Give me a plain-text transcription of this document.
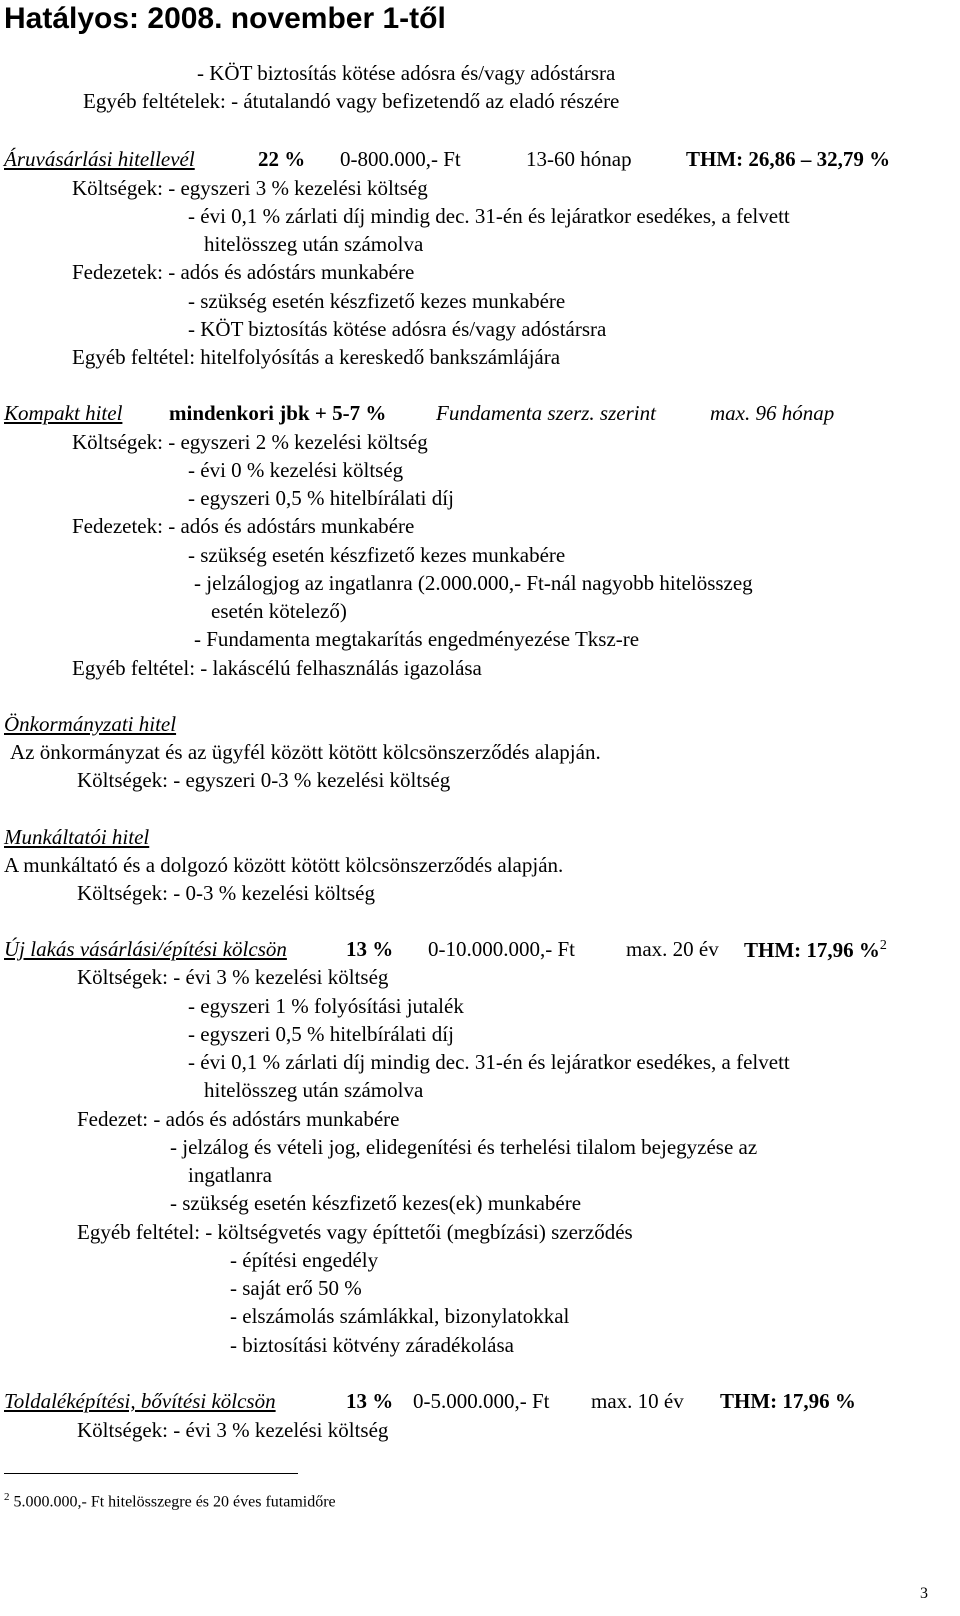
Hatályos: 2008. november 1-től
- KÖT biztosítás kötése adósra és/vagy adóstársra
Egyéb feltételek: - átutalandó vagy befizetendő az eladó részére
Áruvásárlási hitellevél	22 % 0-800.000,- Ft	13-60 hónap	THM: 26,86 – 32,79 %
Költségek: - egyszeri 3 % kezelési költség
- évi 0,1 % zárlati díj mindig dec. 31-én és lejáratkor esedékes, a felvett
hitelösszeg után számolva
Fedezetek: - adós és adóstárs munkabére
- szükség esetén készfizető kezes munkabére
- KÖT biztosítás kötése adósra és/vagy adóstársra
Egyéb feltétel: hitelfolyósítás a kereskedő bankszámlájára
Kompakt hitel mindenkori jbk + 5-7 % Fundamenta szerz. szerint	max. 96 hónap
Költségek: - egyszeri 2 % kezelési költség
- évi 0 % kezelési költség
- egyszeri 0,5 % hitelbírálati díj
Fedezetek: - adós és adóstárs munkabére
- szükség esetén készfizető kezes munkabére
- jelzálogjog az ingatlanra (2.000.000,- Ft-nál nagyobb hitelösszeg
esetén kötelező)
- Fundamenta megtakarítás engedményezése Tksz-re
Egyéb feltétel: - lakáscélú felhasználás igazolása
Önkormányzati hitel
Az önkormányzat és az ügyfél között kötött kölcsönszerződés alapján.
Költségek: - egyszeri 0-3 % kezelési költség
Munkáltatói hitel
A munkáltató és a dolgozó között kötött kölcsönszerződés alapján.
Költségek: - 0-3 % kezelési költség
Új lakás vásárlási/építési kölcsön	13 % 0-10.000.000,- Ft max. 20 év THM: 17,96 %$^2$
Költségek: - évi 3 % kezelési költség
- egyszeri 1 % folyósítási jutalék
- egyszeri 0,5 % hitelbírálati díj
- évi 0,1 % zárlati díj mindig dec. 31-én és lejáratkor esedékes, a felvett
hitelösszeg után számolva
Fedezet: - adós és adóstárs munkabére
- jelzálog és vételi jog, elidegenítési és terhelési tilalom bejegyzése az
ingatlanra
- szükség esetén készfizető kezes(ek) munkabére
Egyéb feltétel: - költségvetés vagy építtetői (megbízási) szerződés
- építési engedély
- saját erő 50 %
- elszámolás számlákkal, bizonylatokkal
- biztosítási kötvény záradékolása
Toldaléképítési, bővítési kölcsön	13 % 0-5.000.000,- Ft max. 10 év THM: 17,96 %
Költségek: - évi 3 % kezelési költség
$^2$ 5.000.000,- Ft hitelösszegre és 20 éves futamidőre
3
